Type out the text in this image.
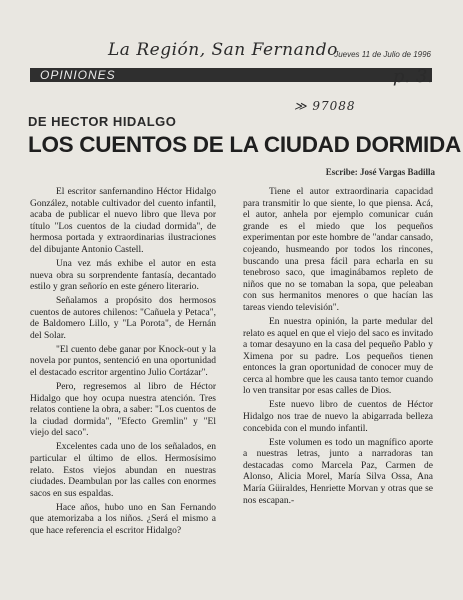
La Región, San Fernando
Jueves 11 de Julio de 1996
OPINIONES	p. 3.
≫ 97088
DE HECTOR HIDALGO
LOS CUENTOS DE LA CIUDAD DORMIDA
Escribe: José Vargas Badilla

El escritor sanfernandino Héctor Hidalgo González, notable cultivador del cuento infantil, acaba de publicar el nuevo libro que lleva por título "Los cuentos de la ciudad dormida", de hermosa portada y extraordinarias ilustraciones del dibujante Antonio Castell.

Una vez más exhibe el autor en esta nueva obra su sorprendente fantasía, decantado estilo y gran señorío en este género literario.

Señalamos a propósito dos hermosos cuentos de autores chilenos: "Cañuela y Petaca", de Baldomero Lillo, y "La Porota", de Hernán del Solar.

"El cuento debe ganar por Knock-out y la novela por puntos, sentenció en una oportunidad el destacado escritor argentino Julio Cortázar".

Pero, regresemos al libro de Héctor Hidalgo que hoy ocupa nuestra atención. Tres relatos contiene la obra, a saber: "Los cuentos de la ciudad dormida", "Efecto Gremlin" y "El viejo del saco".

Excelentes cada uno de los señalados, en particular el último de ellos. Hermosísimo relato. Estos viejos abundan en nuestras ciudades. Deambulan por las calles con enormes sacos en sus espaldas.

Hace años, hubo uno en San Fernando que atemorizaba a los niños. ¿Será el mismo a que hace referencia el escritor Hidalgo?

Tiene el autor extraordinaria capacidad para transmitir lo que siente, lo que piensa. Acá, el autor, anhela por ejemplo comunicar cuán grande es el miedo que los pequeños experimentan por este hombre de "andar cansado, cojeando, husmeando por todos los rincones, buscando una presa fácil para echarla en su tenebroso saco, que imaginábamos repleto de niños que no se tomaban la sopa, que peleaban con sus hermanitos menores o que hacían las tareas viendo televisión".

En nuestra opinión, la parte medular del relato es aquel en que el viejo del saco es invitado a tomar desayuno en la casa del pequeño Pablo y Ximena por su padre. Los pequeños tienen entonces la gran oportunidad de conocer muy de cerca al hombre que les causa tanto temor cuando lo ven transitar por esas calles de Dios.

Este nuevo libro de cuentos de Héctor Hidalgo nos trae de nuevo la abigarrada belleza concebida con el mundo infantil.

Este volumen es todo un magnífico aporte a nuestras letras, junto a narradoras tan destacadas como Marcela Paz, Carmen de Alonso, Alicia Morel, María Silva Ossa, Ana María Güiraldes, Henriette Morvan y otras que se nos escapan.-
